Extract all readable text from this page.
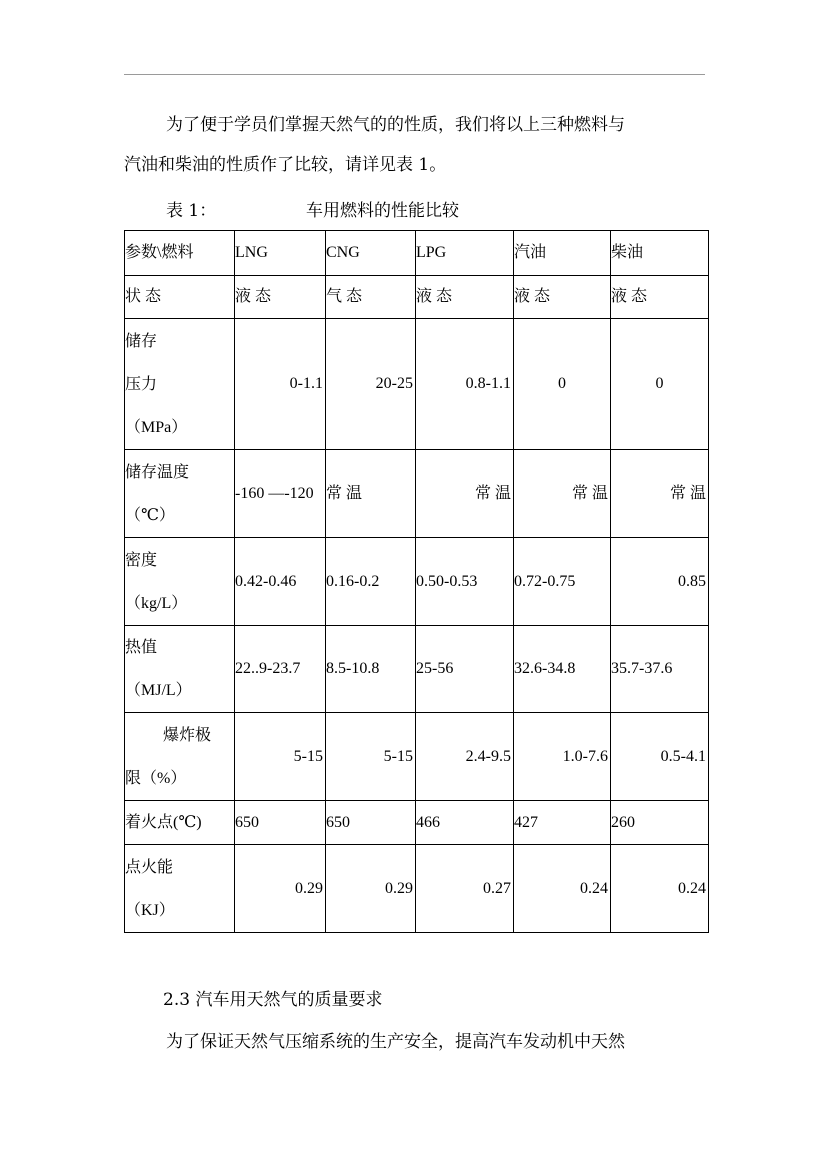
为了便于学员们掌握天然气的的性质，我们将以上三种燃料与

汽油和柴油的性质作了比较，请详见表 1。

表 1：	车用燃料的性能比较
参数\燃料	LNG	CNG	LPG	汽油	柴油
状 态	液 态	气 态	液 态	液 态	液 态

储存
压力
（MPa）	0-1.1	20-25	0.8-1.1	0	0

储存温度
（℃）	-160 —-120	常 温	常 温	常 温	常 温

密度
（kg/L）	0.42-0.46	0.16-0.2	0.50-0.53	0.72-0.75	0.85

热值
（MJ/L）	22..9-23.7	8.5-10.8	25-56	32.6-34.8	35.7-37.6

爆炸极
限（%）	5-15	5-15	2.4-9.5	1.0-7.6	0.5-4.1
着火点(℃)	650	650	466	427	260

点火能
（KJ）	0.29	0.29	0.27	0.24	0.24
2.3 汽车用天然气的质量要求

为了保证天然气压缩系统的生产安全，提高汽车发动机中天然
